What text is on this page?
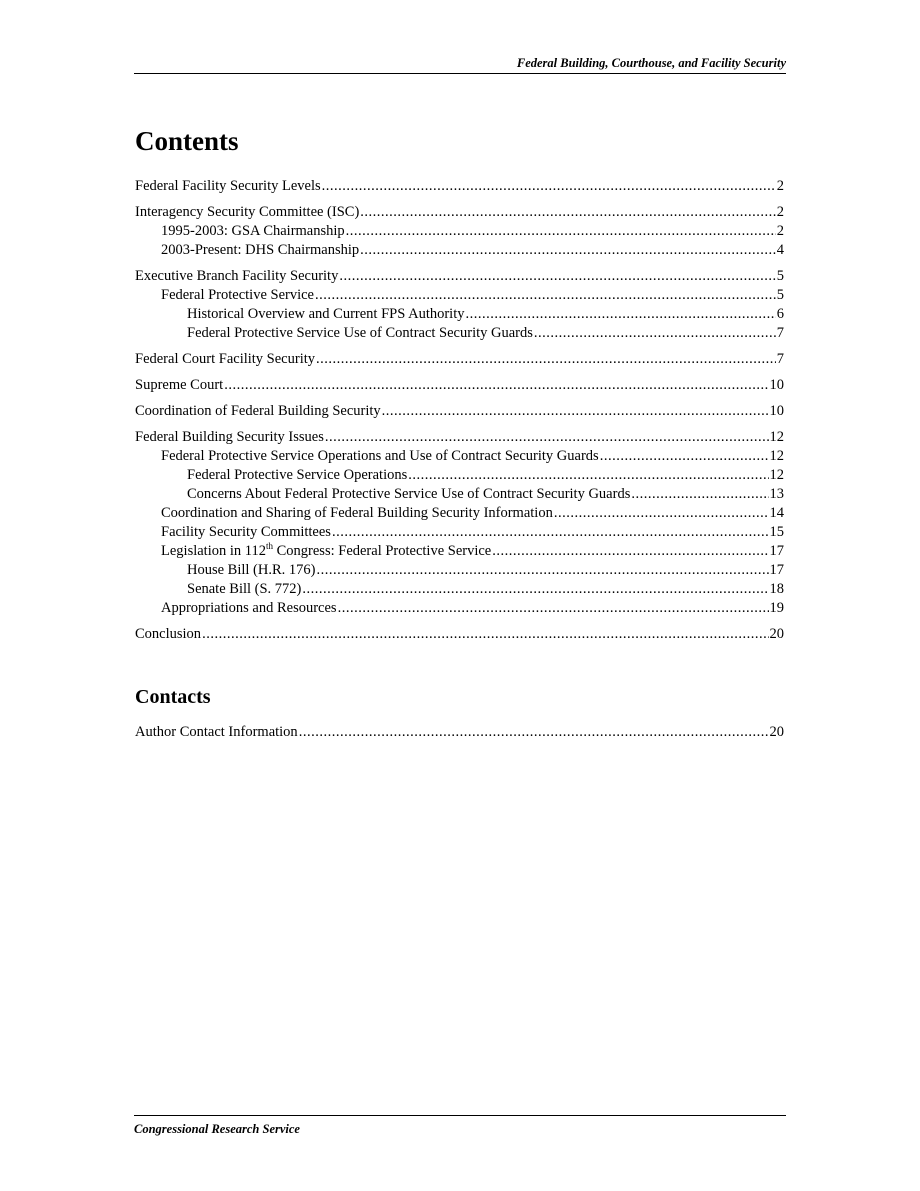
Federal Building, Courthouse, and Facility Security
Contents
Federal Facility Security Levels .....	2
Interagency Security Committee (ISC) .....	2
1995-2003: GSA Chairmanship .....	2
2003-Present: DHS Chairmanship .....	4
Executive Branch Facility Security .....	5
Federal Protective Service .....	5
Historical Overview and Current FPS Authority .....	6
Federal Protective Service Use of Contract Security Guards .....	7
Federal Court Facility Security .....	7
Supreme Court .....	10
Coordination of Federal Building Security .....	10
Federal Building Security Issues .....	12
Federal Protective Service Operations and Use of Contract Security Guards .....	12
Federal Protective Service Operations .....	12
Concerns About Federal Protective Service Use of Contract Security Guards .....	13
Coordination and Sharing of Federal Building Security Information .....	14
Facility Security Committees .....	15
Legislation in 112th Congress: Federal Protective Service .....	17
House Bill (H.R. 176) .....	17
Senate Bill (S. 772) .....	18
Appropriations and Resources .....	19
Conclusion .....	20
Contacts
Author Contact Information .....	20
Congressional Research Service
